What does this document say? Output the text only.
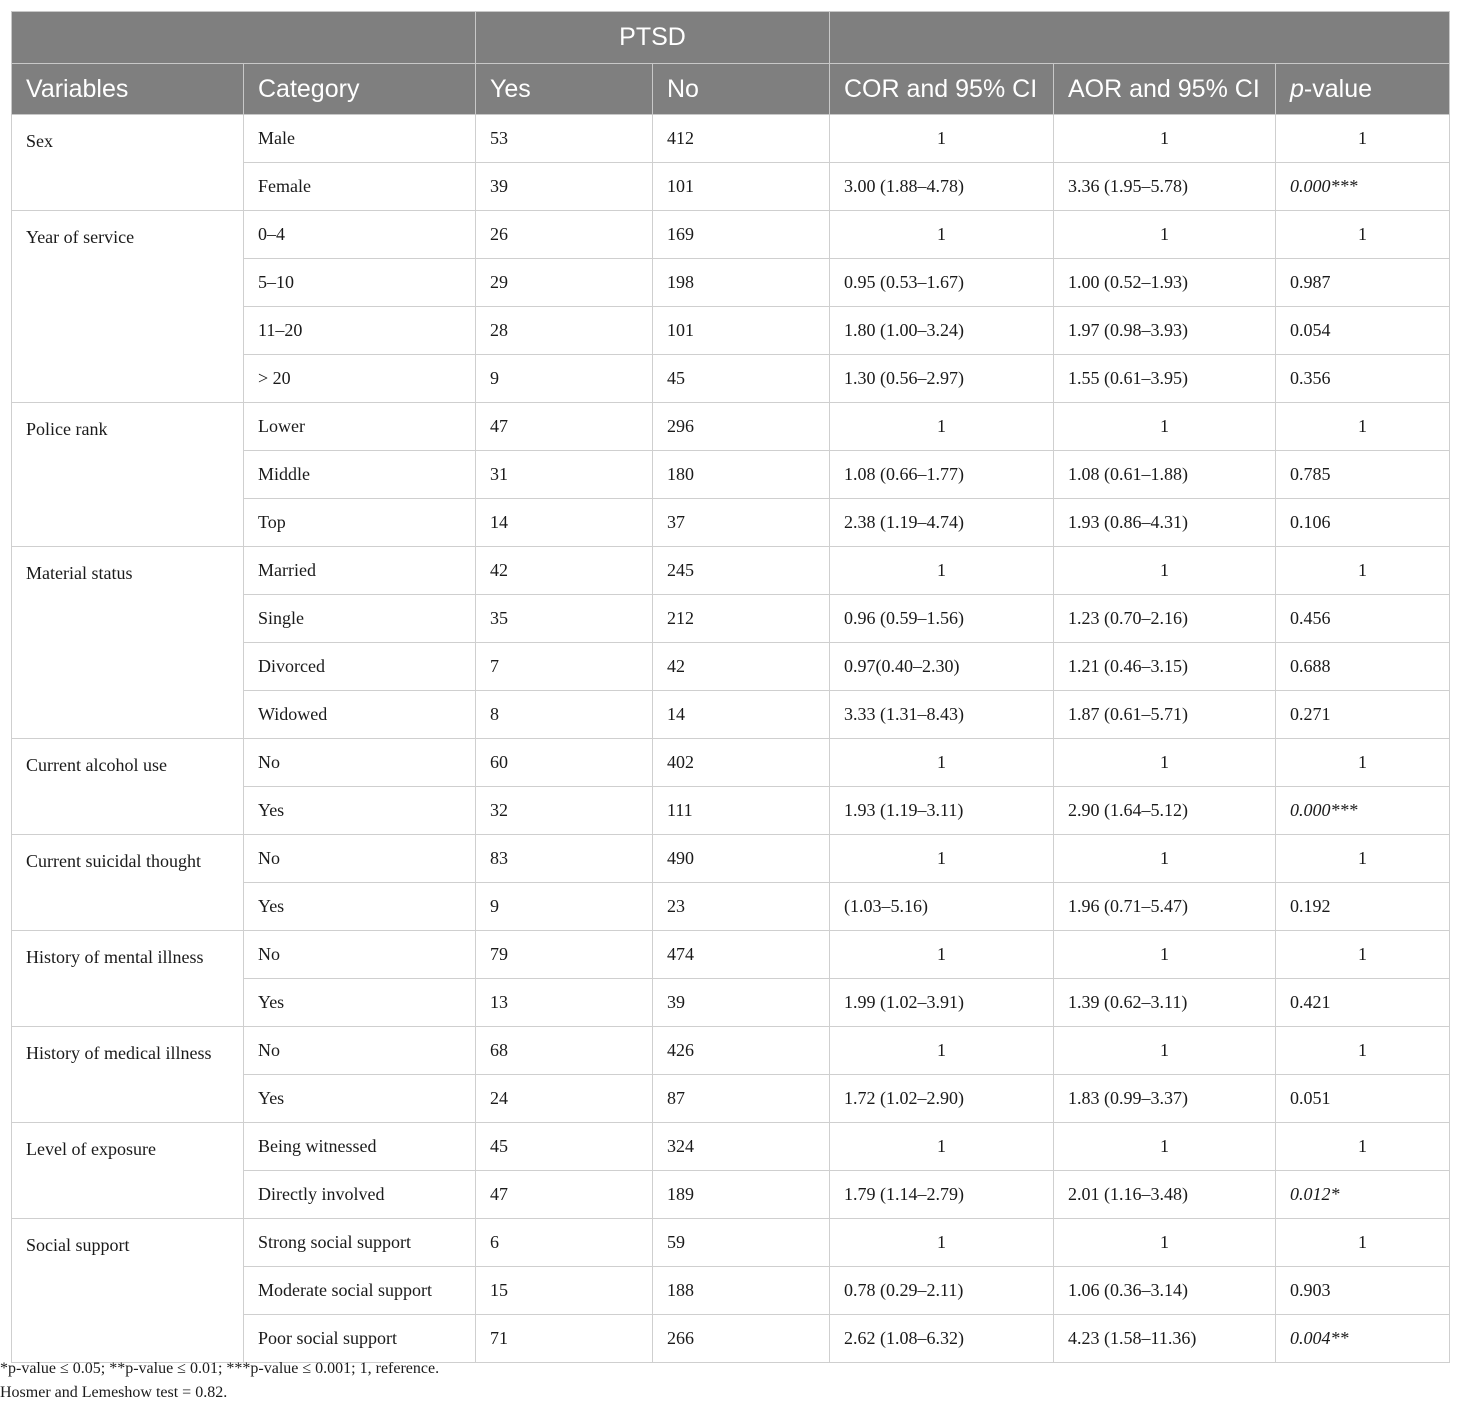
		PTSD				
Variables	Category	Yes	No	COR and 95% CI	AOR and 95% CI	p-value
Sex	Male	53	412	1	1	1
	Female	39	101	3.00 (1.88–4.78)	3.36 (1.95–5.78)	0.000***
Year of service	0–4	26	169	1	1	1
	5–10	29	198	0.95 (0.53–1.67)	1.00 (0.52–1.93)	0.987
	11–20	28	101	1.80 (1.00–3.24)	1.97 (0.98–3.93)	0.054
	> 20	9	45	1.30 (0.56–2.97)	1.55 (0.61–3.95)	0.356
Police rank	Lower	47	296	1	1	1
	Middle	31	180	1.08 (0.66–1.77)	1.08 (0.61–1.88)	0.785
	Top	14	37	2.38 (1.19–4.74)	1.93 (0.86–4.31)	0.106
Material status	Married	42	245	1	1	1
	Single	35	212	0.96 (0.59–1.56)	1.23 (0.70–2.16)	0.456
	Divorced	7	42	0.97(0.40–2.30)	1.21 (0.46–3.15)	0.688
	Widowed	8	14	3.33 (1.31–8.43)	1.87 (0.61–5.71)	0.271
Current alcohol use	No	60	402	1	1	1
	Yes	32	111	1.93 (1.19–3.11)	2.90 (1.64–5.12)	0.000***
Current suicidal thought	No	83	490	1	1	1
	Yes	9	23	(1.03–5.16)	1.96 (0.71–5.47)	0.192
History of mental illness	No	79	474	1	1	1
	Yes	13	39	1.99 (1.02–3.91)	1.39 (0.62–3.11)	0.421
History of medical illness	No	68	426	1	1	1
	Yes	24	87	1.72 (1.02–2.90)	1.83 (0.99–3.37)	0.051
Level of exposure	Being witnessed	45	324	1	1	1
	Directly involved	47	189	1.79 (1.14–2.79)	2.01 (1.16–3.48)	0.012*
Social support	Strong social support	6	59	1	1	1
	Moderate social support	15	188	0.78 (0.29–2.11)	1.06 (0.36–3.14)	0.903
	Poor social support	71	266	2.62 (1.08–6.32)	4.23 (1.58–11.36)	0.004**
*p-value ≤ 0.05; **p-value ≤ 0.01; ***p-value ≤ 0.001; 1, reference.
Hosmer and Lemeshow test = 0.82.
